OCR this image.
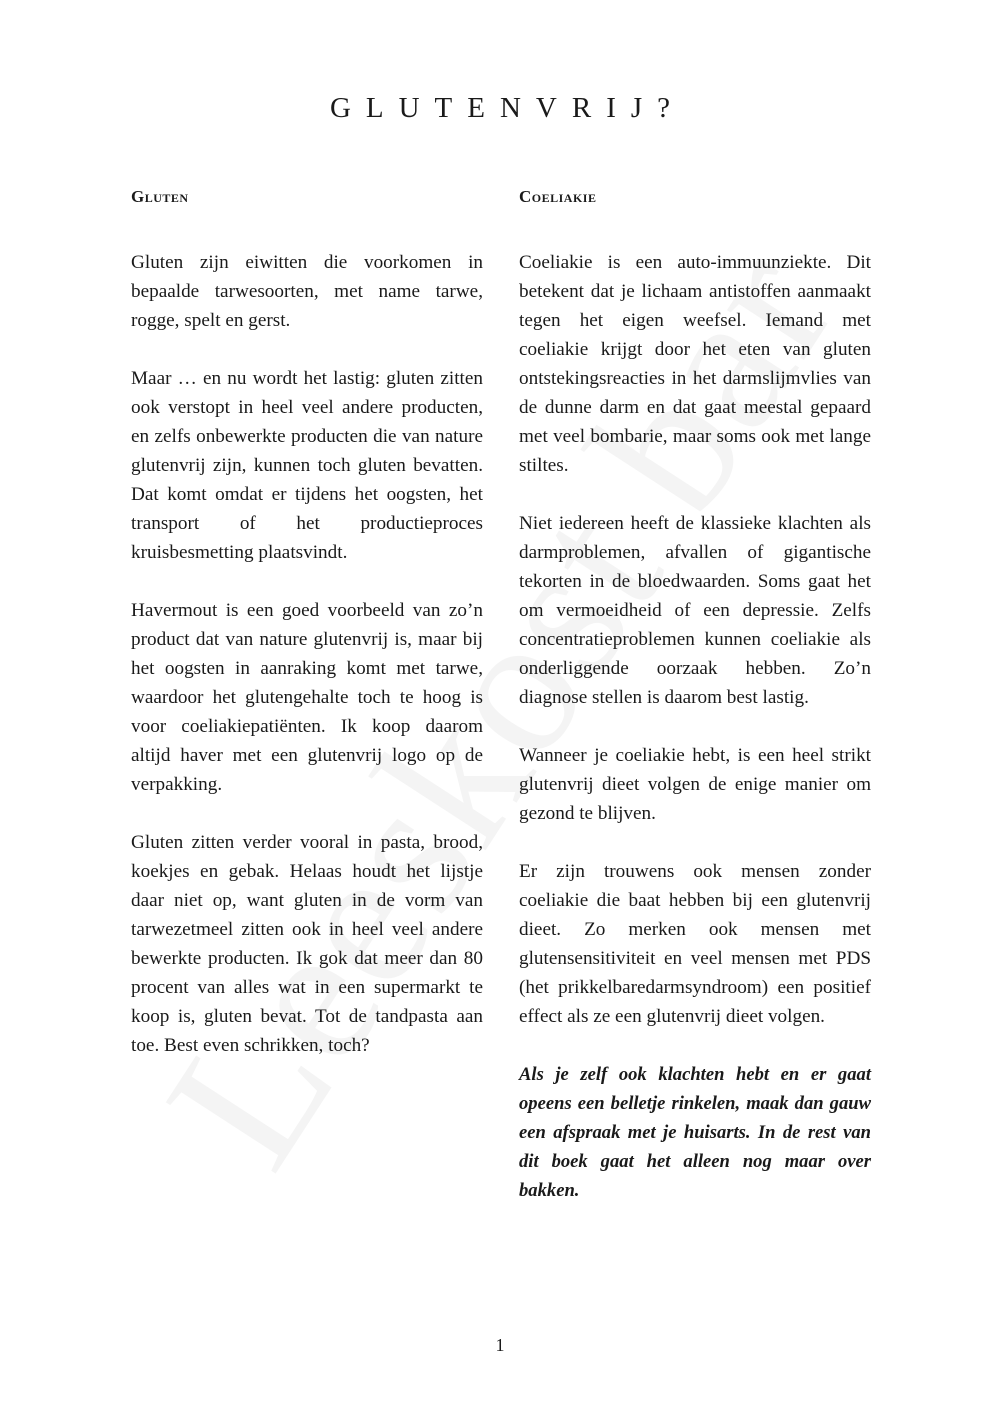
GLUTENVRIJ?
Gluten

Gluten zijn eiwitten die voorkomen in bepaalde tarwesoorten, met name tarwe, rogge, spelt en gerst.

Maar … en nu wordt het lastig: gluten zitten ook verstopt in heel veel andere producten, en zelfs onbewerkte producten die van nature glutenvrij zijn, kunnen toch gluten bevatten. Dat komt omdat er tijdens het oogsten, het transport of het productieproces kruisbesmetting plaatsvindt.

Havermout is een goed voorbeeld van zo’n product dat van nature glutenvrij is, maar bij het oogsten in aanraking komt met tarwe, waardoor het glutengehalte toch te hoog is voor coeliakiepatiënten. Ik koop daarom altijd haver met een glutenvrij logo op de verpakking.

Gluten zitten verder vooral in pasta, brood, koekjes en gebak. Helaas houdt het lijstje daar niet op, want gluten in de vorm van tarwezetmeel zitten ook in heel veel andere bewerkte producten. Ik gok dat meer dan 80 procent van alles wat in een supermarkt te koop is, gluten bevat. Tot de tandpasta aan toe. Best even schrikken, toch?

Coeliakie

Coeliakie is een auto-immuunziekte. Dit betekent dat je lichaam antistoffen aanmaakt tegen het eigen weefsel. Iemand met coeliakie krijgt door het eten van gluten ontstekingsreacties in het darmslijmvlies van de dunne darm en dat gaat meestal gepaard met veel bombarie, maar soms ook met lange stiltes.

Niet iedereen heeft de klassieke klachten als darmproblemen, afvallen of gigantische tekorten in de bloedwaarden. Soms gaat het om vermoeidheid of een depressie. Zelfs concentratieproblemen kunnen coeliakie als onderliggende oorzaak hebben. Zo’n diagnose stellen is daarom best lastig.

Wanneer je coeliakie hebt, is een heel strikt glutenvrij dieet volgen de enige manier om gezond te blijven.

Er zijn trouwens ook mensen zonder coeliakie die baat hebben bij een glutenvrij dieet. Zo merken ook mensen met glutensensitiviteit en veel mensen met PDS (het prikkelbaredarmsyndroom) een positief effect als ze een glutenvrij dieet volgen.

Als je zelf ook klachten hebt en er gaat opeens een belletje rinkelen, maak dan gauw een afspraak met je huisarts. In de rest van dit boek gaat het alleen nog maar over bakken.

1
